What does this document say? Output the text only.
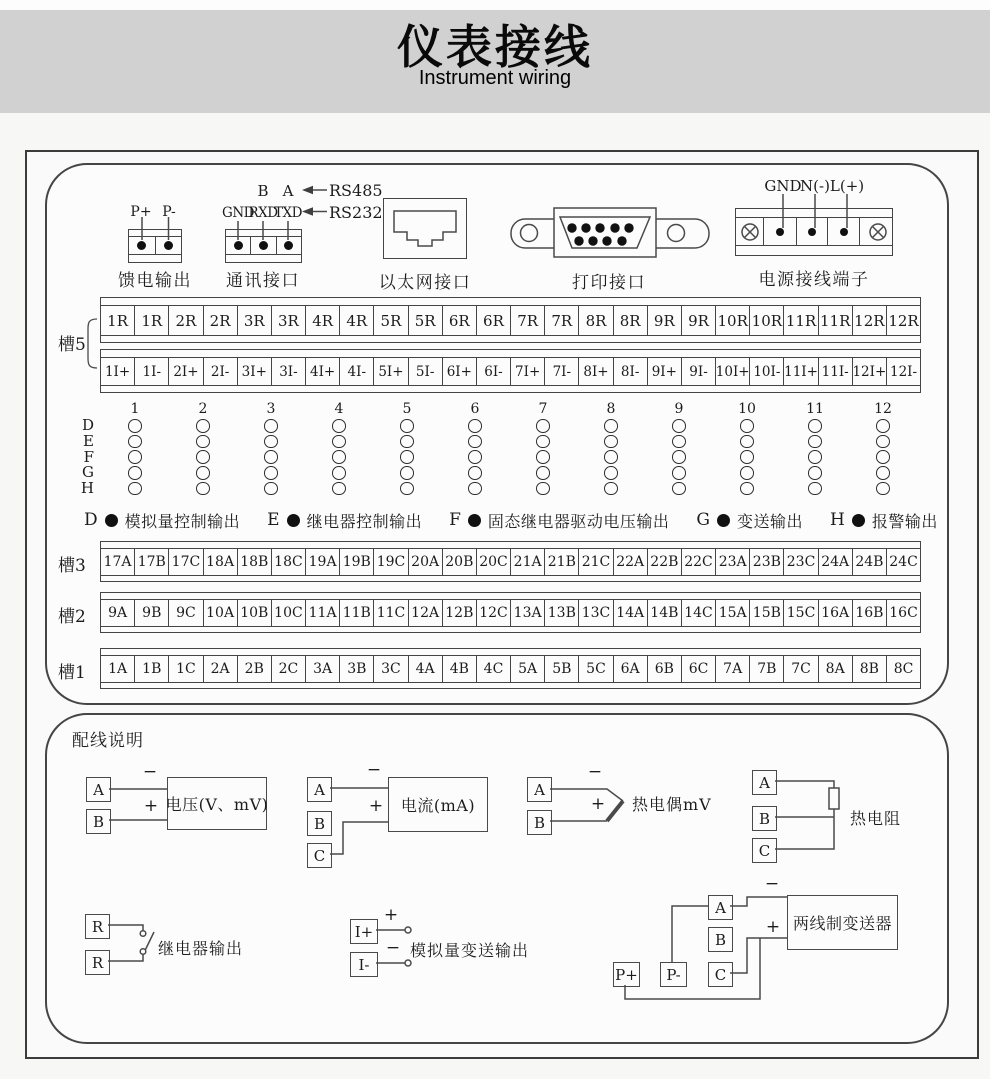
仪表接线
Instrument wiring
P+ P-
馈电输出
GND
RXD
TXD
B A RS485
RS232
通讯接口	以太网接口	打印接口
GND
N(-) L(+)
电源接线端子
槽5
1R 1R 2R 2R 3R 3R 4R 4R 5R 5R 6R 6R 7R 7R 8R 8R 9R 9R 10R 10R 11R 11R 12R 12R
1I+ 1I- 2I+ 2I- 3I+ 3I- 4I+ 4I- 5I+ 5I- 6I+ 6I- 7I+ 7I- 8I+ 8I- 9I+ 9I- 10I+ 10I- 11I+ 11I- 12I+ 12I-
1	2	3	4	5	6	7	8	9	10	11	12
D
E
F
G
H
D 模拟量控制输出 E 继电器控制输出 F 固态继电器驱动电压输出 G 变送输出 H 报警输出
槽3 17A 17B 17C 18A 18B 18C 19A 19B 19C 20A 20B 20C 21A 21B 21C 22A 22B 22C 23A 23B 23C 24A 24B 24C
槽2	9A	9B	9C 10A 10B 10C 11A 11B 11C 12A 12B 12C 13A 13B 13C 14A 14B 14C 15A 15B 15C 16A 16B 16C
槽1	1A	1B	1C	2A	2B	2C	3A	3B	3C	4A	4B	4C	5A	5B	5C	6A	6B	6C	7A	7B	7C	8A	8B	8C
配线说明
A
B
电压(V、mV)
−
+
A
B
C
电流(mA)
−
+
A
B
热电偶mV
−
+
A
B
C
热电阻
R
R
继电器输出
I+
I-
+
− 模拟量变送输出
P+	P-
A
B
C
两线制变送器
−
+
